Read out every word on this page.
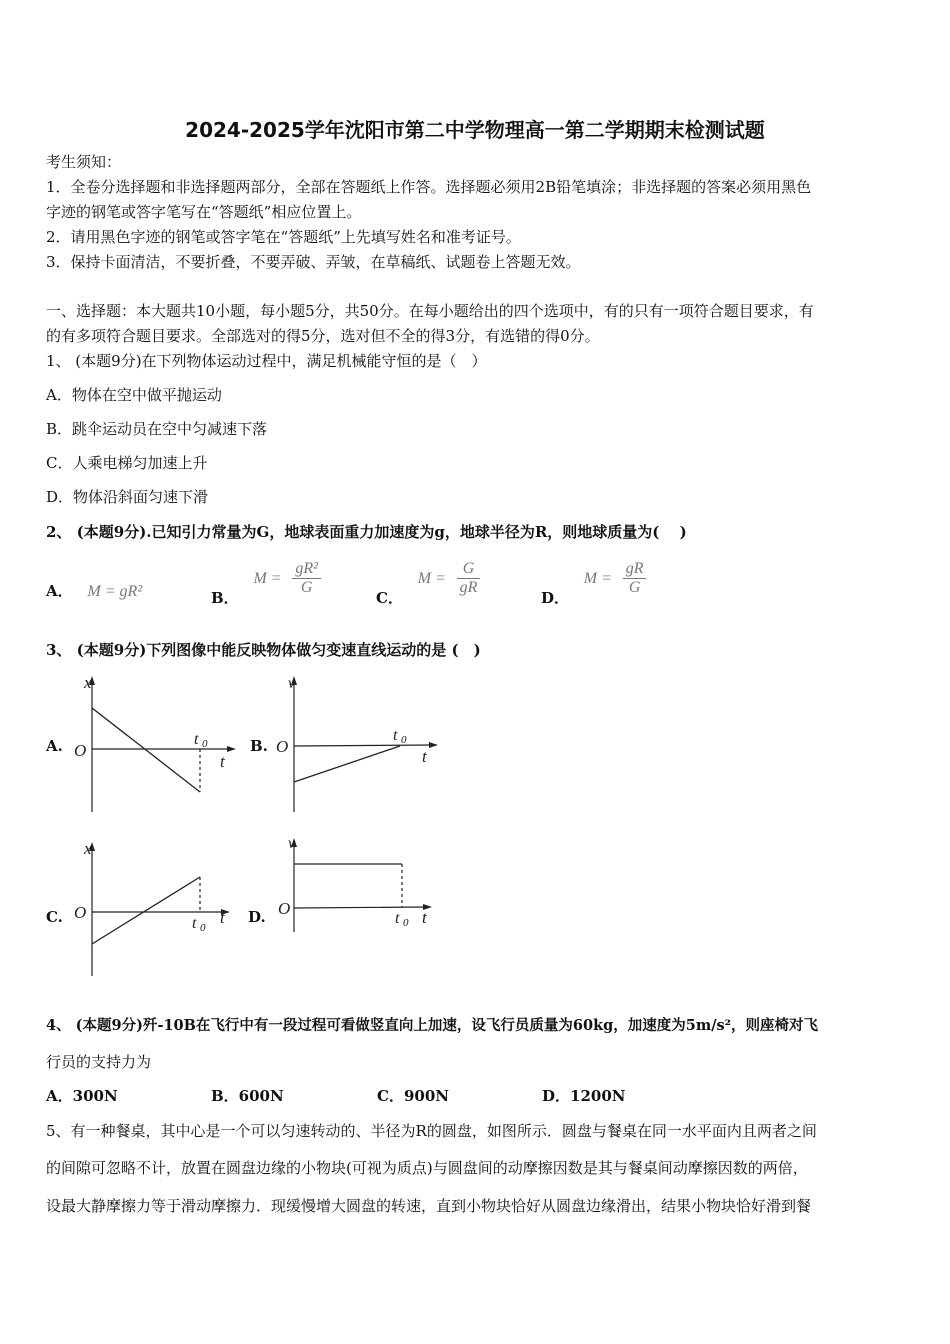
2024-2025学年沈阳市第二中学物理高一第二学期期末检测试题
考生须知：
1．全卷分选择题和非选择题两部分，全部在答题纸上作答。选择题必须用2B铅笔填涂；非选择题的答案必须用黑色
字迹的钢笔或答字笔写在“答题纸”相应位置上。
2．请用黑色字迹的钢笔或答字笔在“答题纸”上先填写姓名和准考证号。
3．保持卡面清洁，不要折叠，不要弄破、弄皱，在草稿纸、试题卷上答题无效。
一、选择题：本大题共10小题，每小题5分，共50分。在每小题给出的四个选项中，有的只有一项符合题目要求，有
的有多项符合题目要求。全部选对的得5分，选对但不全的得3分，有选错的得0分。
1、 (本题9分)在下列物体运动过程中，满足机械能守恒的是（　）
A．物体在空中做平抛运动
B．跳伞运动员在空中匀减速下落
C．人乘电梯匀加速上升
D．物体沿斜面匀速下滑
2、 (本题9分).已知引力常量为G，地球表面重力加速度为g，地球半径为R，则地球质量为(　 )
A． M = gR²	B． $M = \frac{\text{gR²}}{G}$
C． $M = \frac{G}{gR}$
D． $M = \frac{gR}{G}$
3、 (本题9分)下列图像中能反映物体做匀变速直线运动的是 (　)
A.
x
O
t
t 0	B.
v
O
t
t 0
C.
x
O	t
t 0
D.
v
O	t
t 0
4、 (本题9分)歼-10B在飞行中有一段过程可看做竖直向上加速，设飞行员质量为60kg，加速度为5m/s²，则座椅对飞
行员的支持力为
A．300N	B．600N	C．900N	D．1200N
5、有一种餐桌，其中心是一个可以匀速转动的、半径为R的圆盘，如图所示．圆盘与餐桌在同一水平面内且两者之间
的间隙可忽略不计，放置在圆盘边缘的小物块(可视为质点)与圆盘间的动摩擦因数是其与餐桌间动摩擦因数的两倍，
设最大静摩擦力等于滑动摩擦力．现缓慢增大圆盘的转速，直到小物块恰好从圆盘边缘滑出，结果小物块恰好滑到餐
